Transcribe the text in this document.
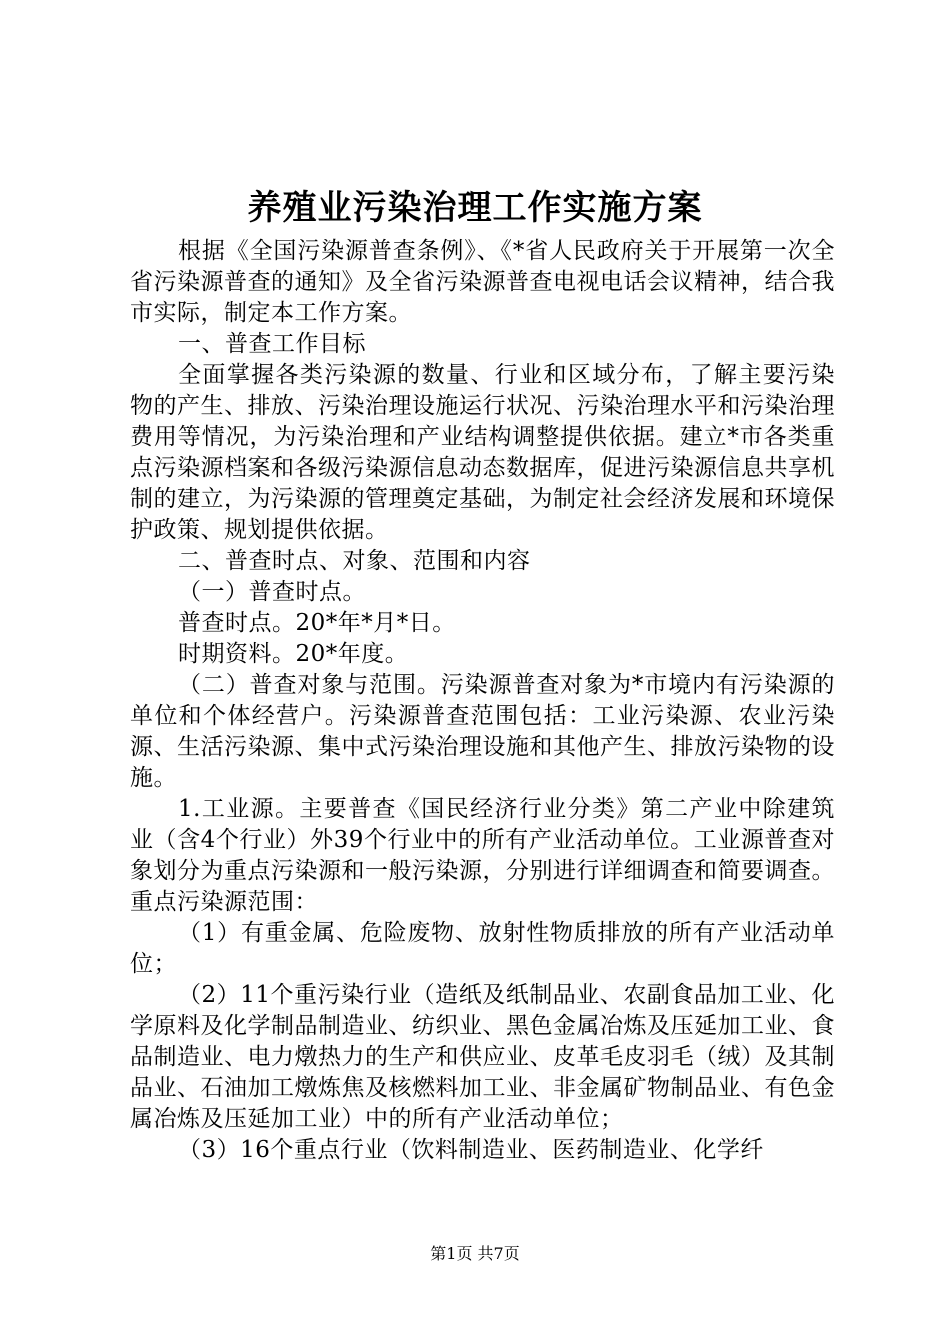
养殖业污染治理工作实施方案

根据《全国污染源普查条例》、《*省人民政府关于开展第一次全省污染源普查的通知》及全省污染源普查电视电话会议精神，结合我市实际，制定本工作方案。

一、普查工作目标

全面掌握各类污染源的数量、行业和区域分布，了解主要污染物的产生、排放、污染治理设施运行状况、污染治理水平和污染治理费用等情况，为污染治理和产业结构调整提供依据。建立*市各类重点污染源档案和各级污染源信息动态数据库，促进污染源信息共享机制的建立，为污染源的管理奠定基础，为制定社会经济发展和环境保护政策、规划提供依据。

二、普查时点、对象、范围和内容

（一）普查时点。

普查时点。20*年*月*日。

时期资料。20*年度。

（二）普查对象与范围。污染源普查对象为*市境内有污染源的单位和个体经营户。污染源普查范围包括：工业污染源、农业污染源、生活污染源、集中式污染治理设施和其他产生、排放污染物的设施。

1.工业源。主要普查《国民经济行业分类》第二产业中除建筑业（含4个行业）外39个行业中的所有产业活动单位。工业源普查对象划分为重点污染源和一般污染源，分别进行详细调查和简要调查。重点污染源范围：

（1）有重金属、危险废物、放射性物质排放的所有产业活动单位；

（2）11个重污染行业（造纸及纸制品业、农副食品加工业、化学原料及化学制品制造业、纺织业、黑色金属冶炼及压延加工业、食品制造业、电力燉热力的生产和供应业、皮革毛皮羽毛（绒）及其制品业、石油加工燉炼焦及核燃料加工业、非金属矿物制品业、有色金属冶炼及压延加工业）中的所有产业活动单位；

（3）16个重点行业（饮料制造业、医药制造业、化学纤

第1页 共7页
